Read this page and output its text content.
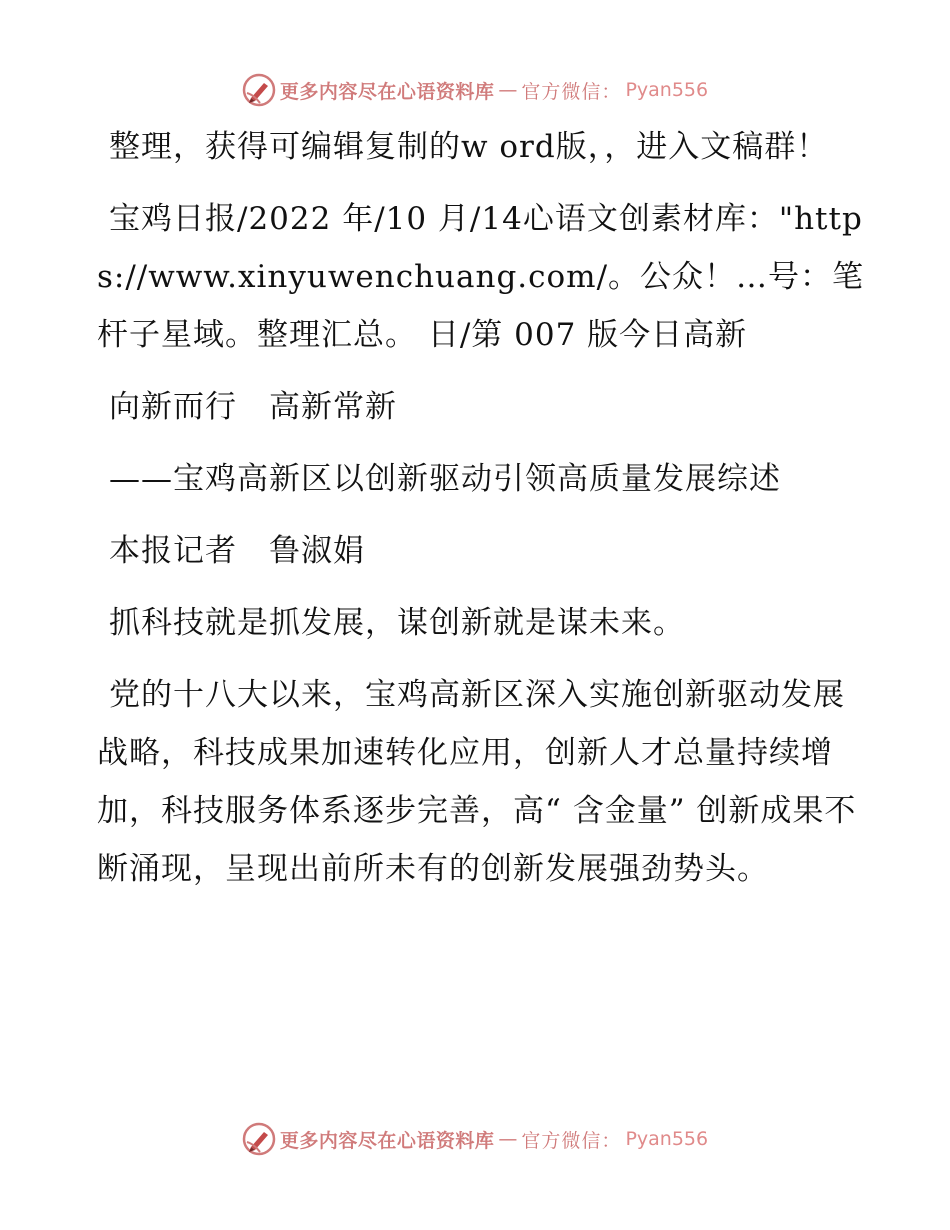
更多内容尽在心语资料库 — 官方微信： Pyan556

整理，获得可编辑复制的w ord版，，进入文稿群！

宝鸡日报/2022 年/10 月/14心语文创素材库："https://www.xinyuwenchuang.com/。公众！…号：笔杆子星域。整理汇总。 日/第 007 版今日高新

向新而行　高新常新

——宝鸡高新区以创新驱动引领高质量发展综述

本报记者　鲁淑娟

抓科技就是抓发展，谋创新就是谋未来。

党的十八大以来，宝鸡高新区深入实施创新驱动发展战略，科技成果加速转化应用，创新人才总量持续增加，科技服务体系逐步完善，高“ 含金量” 创新成果不断涌现，呈现出前所未有的创新发展强劲势头。

更多内容尽在心语资料库 — 官方微信： Pyan556
